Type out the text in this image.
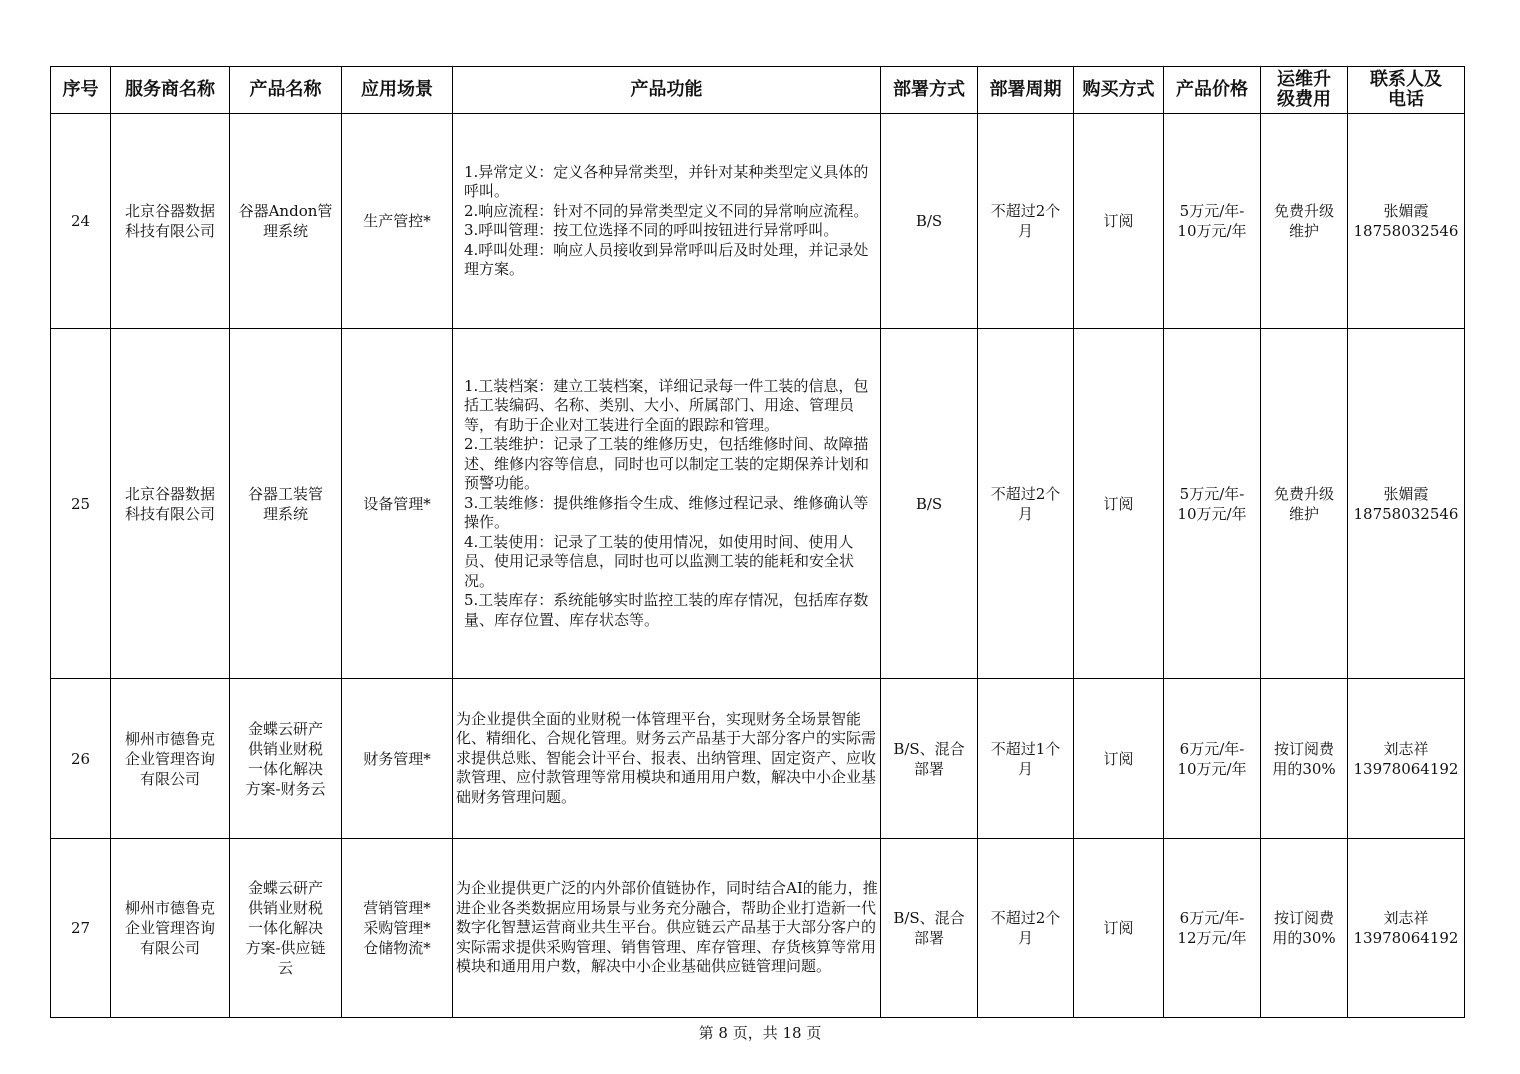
序号	服务商名称	产品名称	应用场景	产品功能	部署方式	部署周期	购买方式	产品价格	运维升
级费用	联系人及
电话

24	北京谷器数据
科技有限公司	谷器Andon管
理系统	生产管控*	1.异常定义：定义各种异常类型，并针对某种类型定义具体的呼叫。
2.响应流程：针对不同的异常类型定义不同的异常响应流程。
3.呼叫管理：按工位选择不同的呼叫按钮进行异常呼叫。
4.呼叫处理：响应人员接收到异常呼叫后及时处理，并记录处理方案。	B/S	不超过2个
月	订阅	5万元/年-
10万元/年	免费升级
维护	张媚霞
18758032546

25	北京谷器数据
科技有限公司	谷器工装管
理系统	设备管理*	1.工装档案：建立工装档案，详细记录每一件工装的信息，包括工装编码、名称、类别、大小、所属部门、用途、管理员等，有助于企业对工装进行全面的跟踪和管理。
2.工装维护：记录了工装的维修历史，包括维修时间、故障描述、维修内容等信息，同时也可以制定工装的定期保养计划和预警功能。
3.工装维修：提供维修指令生成、维修过程记录、维修确认等操作。
4.工装使用：记录了工装的使用情况，如使用时间、使用人员、使用记录等信息，同时也可以监测工装的能耗和安全状况。
5.工装库存：系统能够实时监控工装的库存情况，包括库存数量、库存位置、库存状态等。	B/S	不超过2个
月	订阅	5万元/年-
10万元/年	免费升级
维护	张媚霞
18758032546

26	柳州市德鲁克
企业管理咨询
有限公司	金蝶云研产
供销业财税
一体化解决
方案-财务云	财务管理*	为企业提供全面的业财税一体管理平台，实现财务全场景智能化、精细化、合规化管理。财务云产品基于大部分客户的实际需求提供总账、智能会计平台、报表、出纳管理、固定资产、应收款管理、应付款管理等常用模块和通用用户数，解决中小企业基础财务管理问题。	B/S、混合
部署	不超过1个
月	订阅	6万元/年-
10万元/年	按订阅费
用的30%	刘志祥
13978064192

27	柳州市德鲁克
企业管理咨询
有限公司	金蝶云研产
供销业财税
一体化解决
方案-供应链
云	营销管理*
采购管理*
仓储物流*	为企业提供更广泛的内外部价值链协作，同时结合AI的能力，推进企业各类数据应用场景与业务充分融合，帮助企业打造新一代数字化智慧运营商业共生平台。供应链云产品基于大部分客户的实际需求提供采购管理、销售管理、库存管理、存货核算等常用模块和通用用户数，解决中小企业基础供应链管理问题。	B/S、混合
部署	不超过2个
月	订阅	6万元/年-
12万元/年	按订阅费
用的30%	刘志祥
13978064192
第 8 页，共 18 页
